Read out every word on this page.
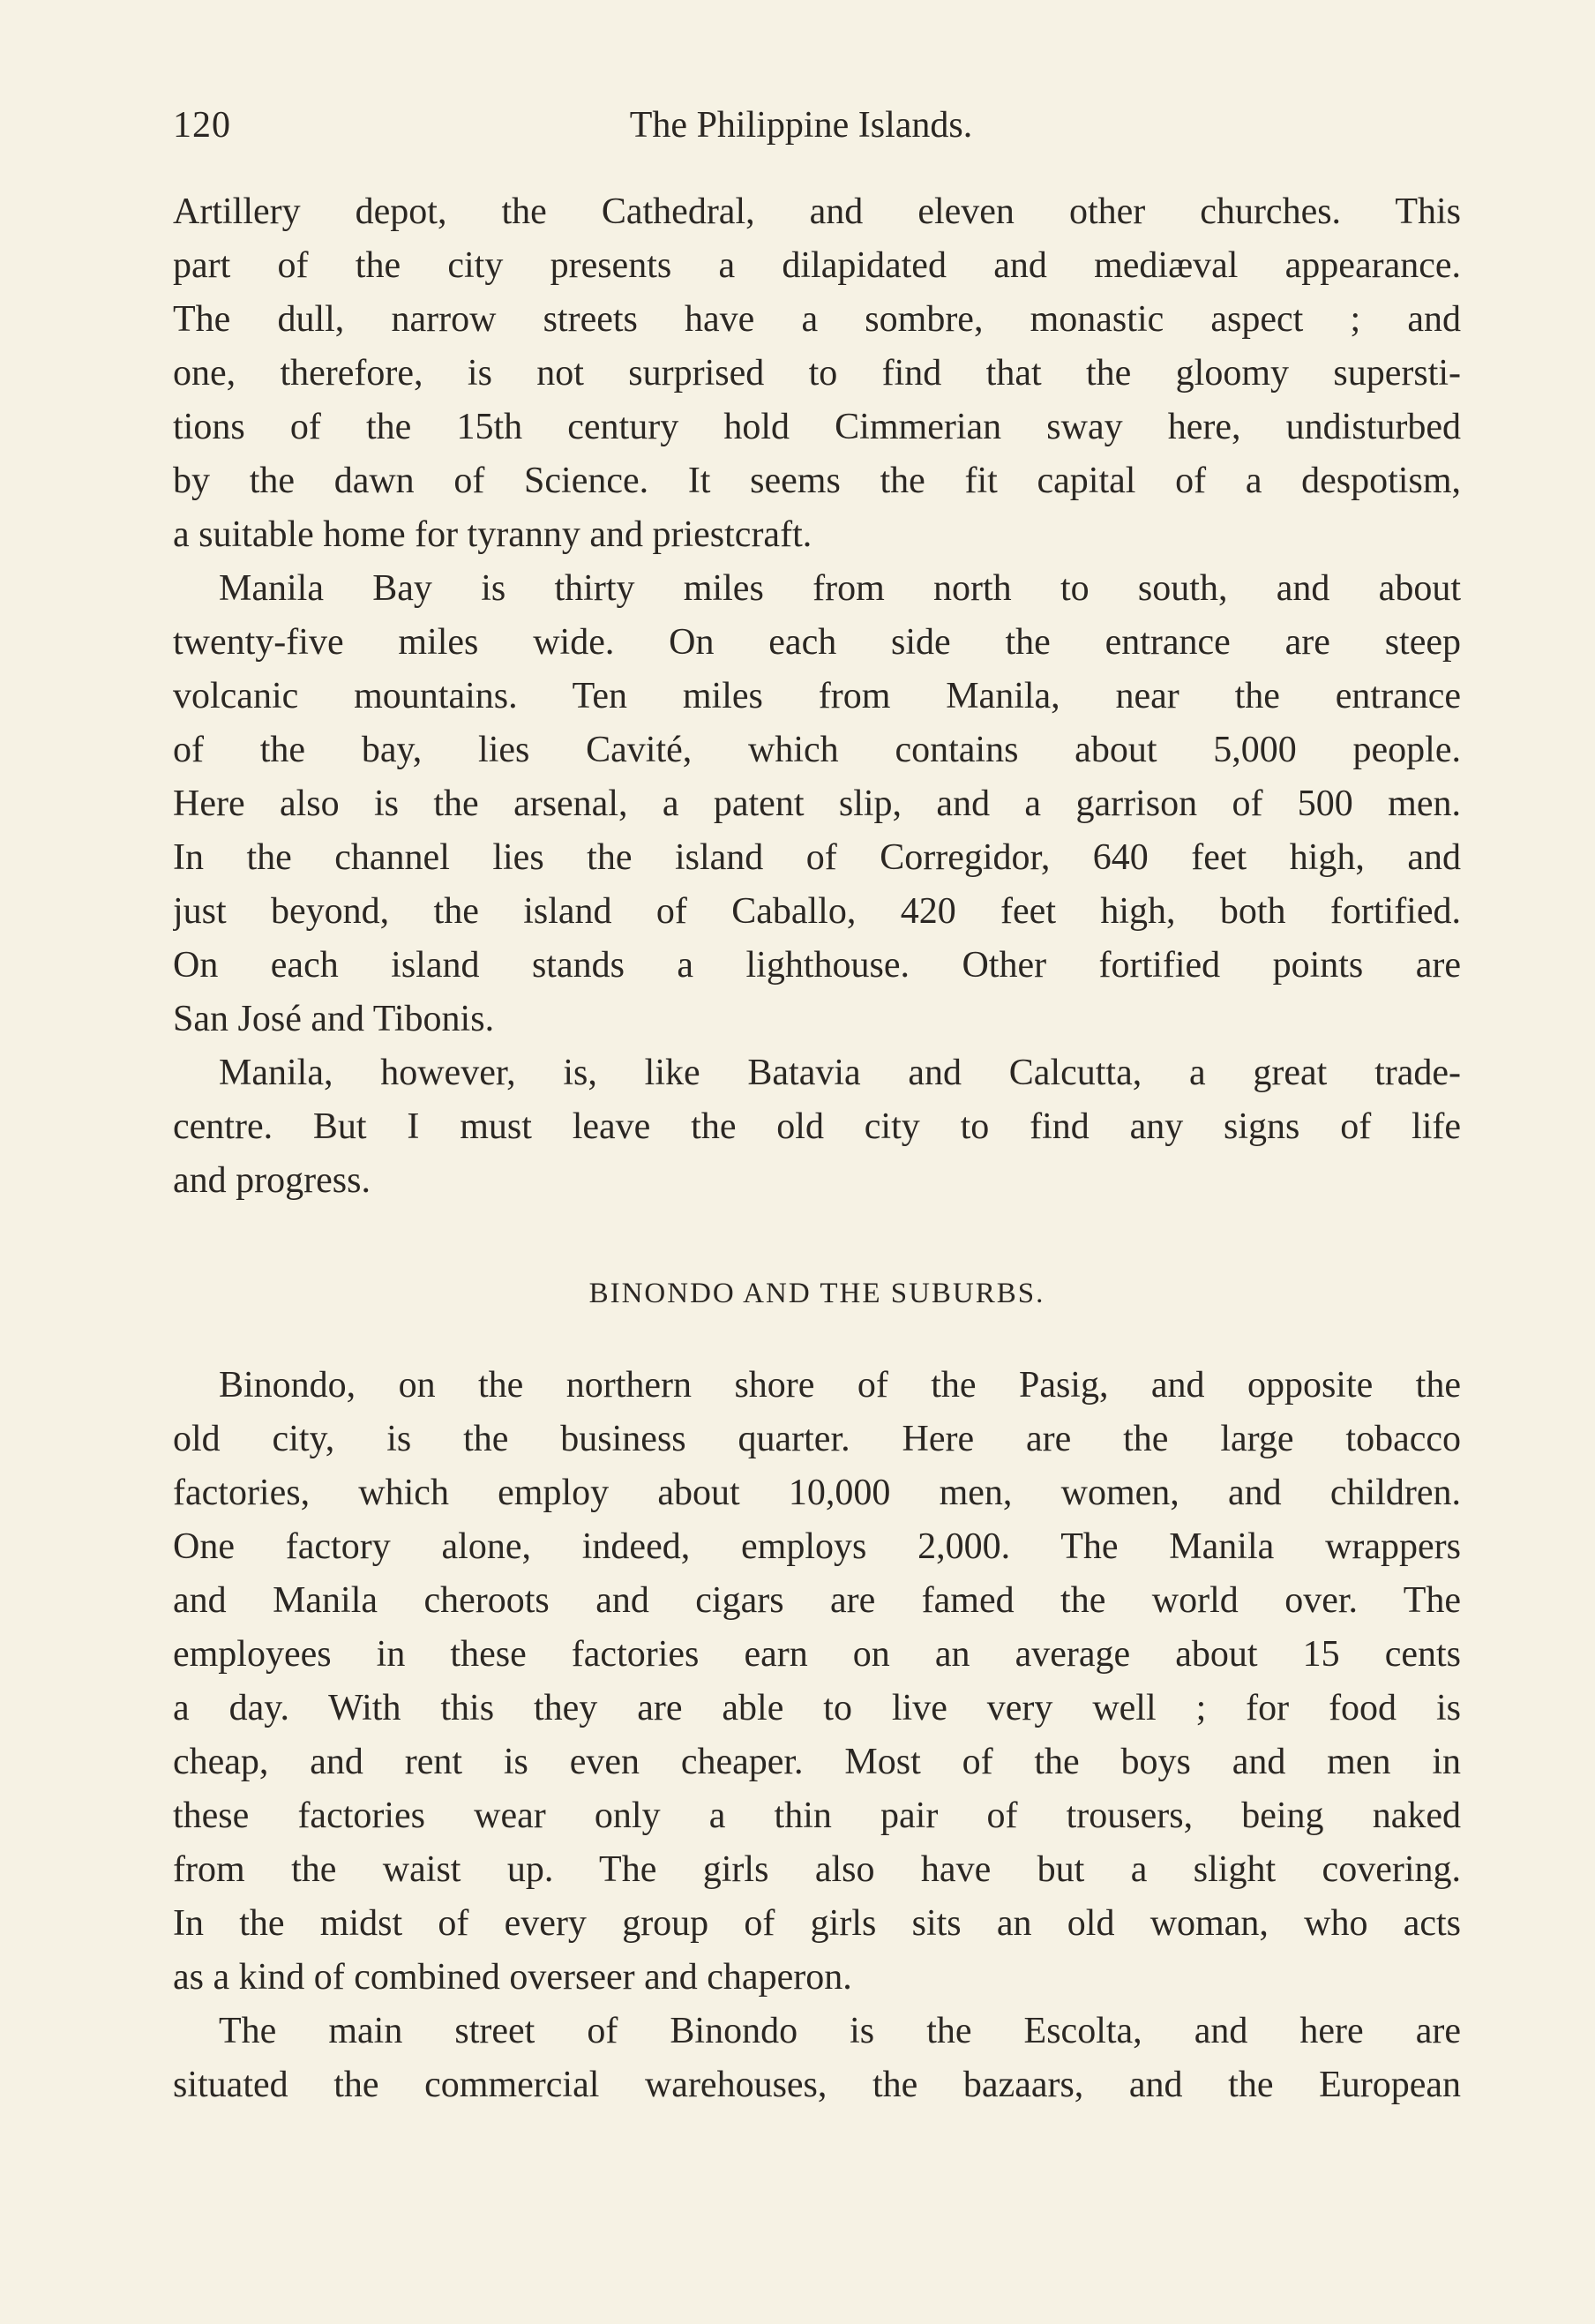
120	The Philippine Islands.
Artillery depot, the Cathedral, and eleven other churches. This
part of the city presents a dilapidated and mediæval appearance.
The dull, narrow streets have a sombre, monastic aspect ; and
one, therefore, is not surprised to find that the gloomy supersti-
tions of the 15th century hold Cimmerian sway here, undisturbed
by the dawn of Science. It seems the fit capital of a despotism,
a suitable home for tyranny and priestcraft.
Manila Bay is thirty miles from north to south, and about
twenty-five miles wide. On each side the entrance are steep
volcanic mountains. Ten miles from Manila, near the entrance
of the bay, lies Cavité, which contains about 5,000 people.
Here also is the arsenal, a patent slip, and a garrison of 500 men.
In the channel lies the island of Corregidor, 640 feet high, and
just beyond, the island of Caballo, 420 feet high, both fortified.
On each island stands a lighthouse. Other fortified points are
San José and Tibonis.
Manila, however, is, like Batavia and Calcutta, a great trade-
centre. But I must leave the old city to find any signs of life
and progress.
BINONDO AND THE SUBURBS.
Binondo, on the northern shore of the Pasig, and opposite the
old city, is the business quarter. Here are the large tobacco
factories, which employ about 10,000 men, women, and children.
One factory alone, indeed, employs 2,000. The Manila wrappers
and Manila cheroots and cigars are famed the world over. The
employees in these factories earn on an average about 15 cents
a day. With this they are able to live very well ; for food is
cheap, and rent is even cheaper. Most of the boys and men in
these factories wear only a thin pair of trousers, being naked
from the waist up. The girls also have but a slight covering.
In the midst of every group of girls sits an old woman, who acts
as a kind of combined overseer and chaperon.
The main street of Binondo is the Escolta, and here are
situated the commercial warehouses, the bazaars, and the European
